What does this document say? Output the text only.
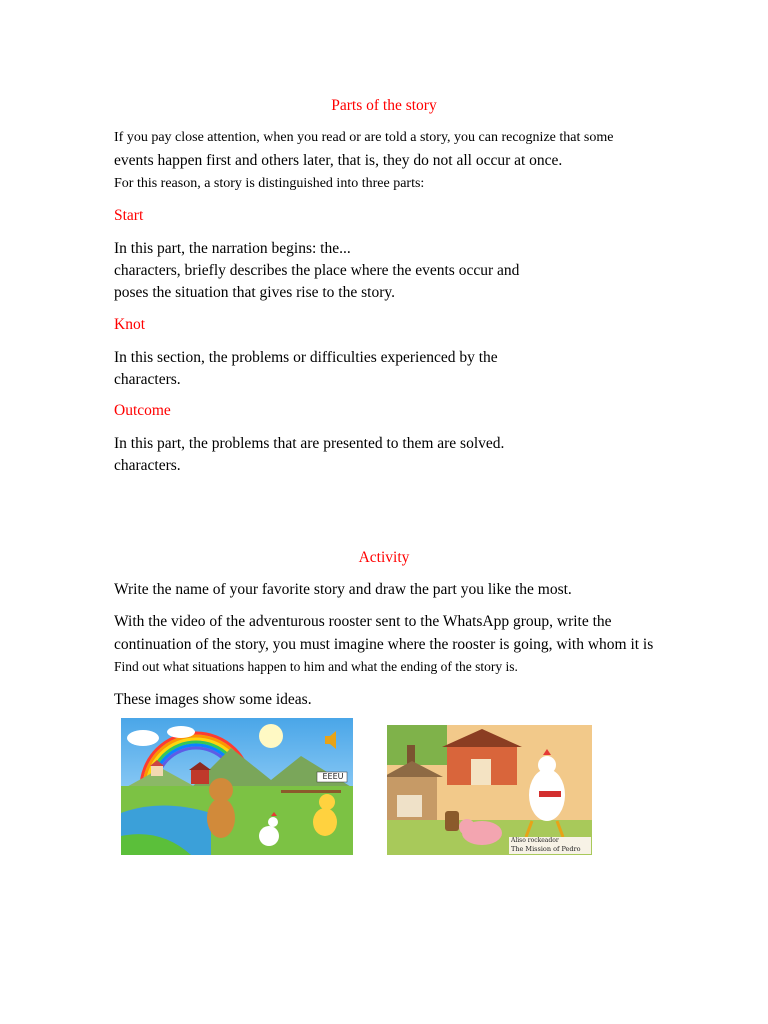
Parts of the story
If you pay close attention, when you read or are told a story, you can recognize that some
events happen first and others later, that is, they do not all occur at once.
For this reason, a story is distinguished into three parts:
Start
In this part, the narration begins: the...
characters, briefly describes the place where the events occur and
poses the situation that gives rise to the story.
Knot
In this section, the problems or difficulties experienced by the
characters.
Outcome
In this part, the problems that are presented to them are solved.
characters.
Activity
Write the name of your favorite story and draw the part you like the most.
With the video of the adventurous rooster sent to the WhatsApp group, write the
continuation of the story, you must imagine where the rooster is going, with whom it is
Find out what situations happen to him and what the ending of the story is.
These images show some ideas.
EEEU
Aliso rockeador
The Mission of Pedro
